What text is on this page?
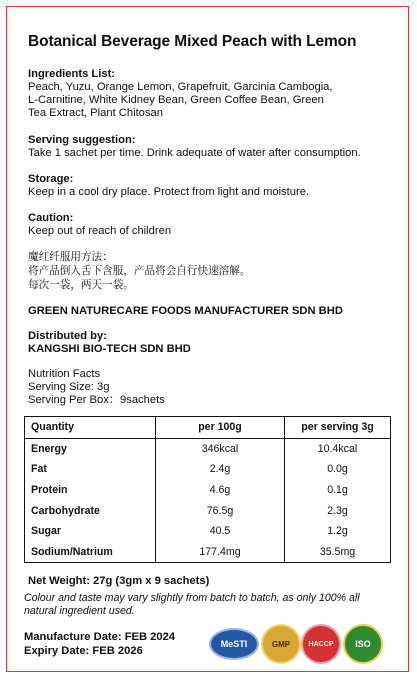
Botanical Beverage Mixed Peach with Lemon
Ingredients List:
Peach, Yuzu, Orange Lemon, Grapefruit, Garcinia Cambogia,
L-Carnitine, White Kidney Bean, Green Coffee Bean, Green
Tea Extract, Plant Chitosan
Serving suggestion:
Take 1 sachet per time. Drink adequate of water after consumption.
Storage:
Keep in a cool dry place. Protect from light and moisture.
Caution:
Keep out of reach of children
魔红纤服用方法：
将产品倒入舌下含服，产品将会自行快速溶解。
每次一袋，两天一袋。
GREEN NATURECARE FOODS MANUFACTURER SDN BHD
Distributed by:
KANGSHI BIO-TECH SDN BHD
Nutrition Facts
Serving Size: 3g
Serving Per Box：9sachets
Quantity	per 100g	per serving 3g
Energy	346kcal	10.4kcal
Fat	2.4g	0.0g
Protein	4.6g	0.1g
Carbohydrate	76.5g	2.3g
Sugar	40.5	1.2g
Sodium/Natrium	177.4mg	35.5mg
Net Weight: 27g (3gm x 9 sachets)
Colour and taste may vary slightly from batch to batch, as only 100% all natural ingredient used.
Manufacture Date: FEB 2024
Expiry Date: FEB 2026
MeSTI	GMP	HACCP ISO
